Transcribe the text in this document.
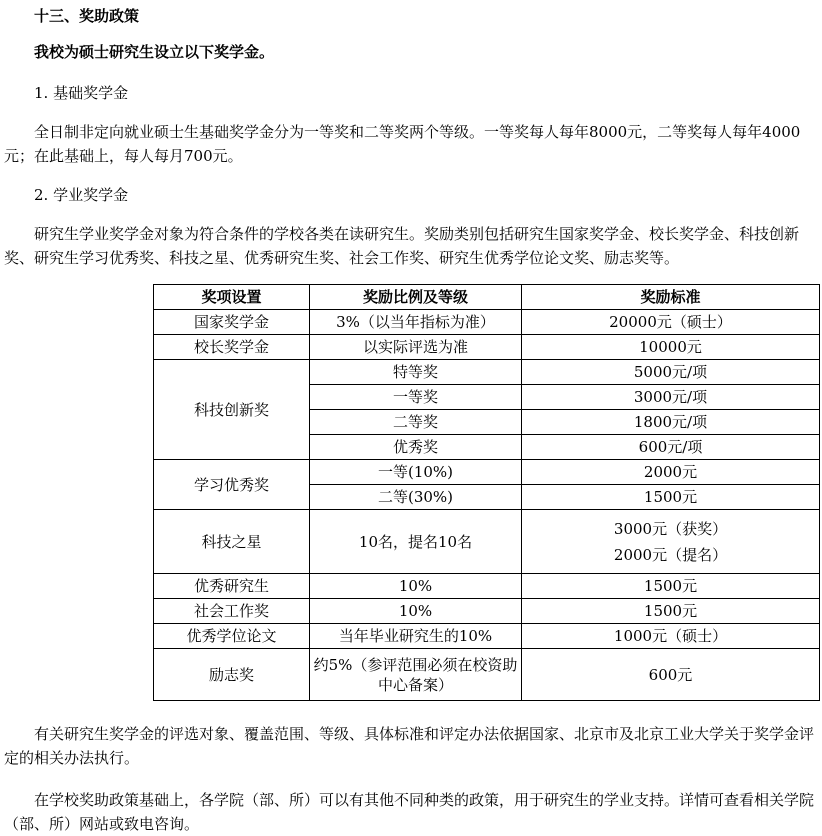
十三、奖助政策
我校为硕士研究生设立以下奖学金。
1. 基础奖学金

全日制非定向就业硕士生基础奖学金分为一等奖和二等奖两个等级。一等奖每人每年8000元，二等奖每人每年4000元；在此基础上，每人每月700元。

2. 学业奖学金

研究生学业奖学金对象为符合条件的学校各类在读研究生。奖励类别包括研究生国家奖学金、校长奖学金、科技创新奖、研究生学习优秀奖、科技之星、优秀研究生奖、社会工作奖、研究生优秀学位论文奖、励志奖等。

奖项设置	奖励比例及等级	奖励标准
国家奖学金	3%（以当年指标为准）	20000元（硕士）
校长奖学金	以实际评选为准	10000元
科技创新奖	特等奖	5000元/项
	一等奖	3000元/项
	二等奖	1800元/项
	优秀奖	600元/项
学习优秀奖	一等(10%)	2000元
	二等(30%)	1500元
科技之星	10名，提名10名	3000元（获奖）
2000元（提名）

优秀研究生	10%	1500元
社会工作奖	10%	1500元
优秀学位论文	当年毕业研究生的10%	1000元（硕士）
励志奖	约5%（参评范围必须在校资助中心备案）	600元

有关研究生奖学金的评选对象、覆盖范围、等级、具体标准和评定办法依据国家、北京市及北京工业大学关于奖学金评定的相关办法执行。

在学校奖助政策基础上，各学院（部、所）可以有其他不同种类的政策，用于研究生的学业支持。详情可查看相关学院（部、所）网站或致电咨询。
